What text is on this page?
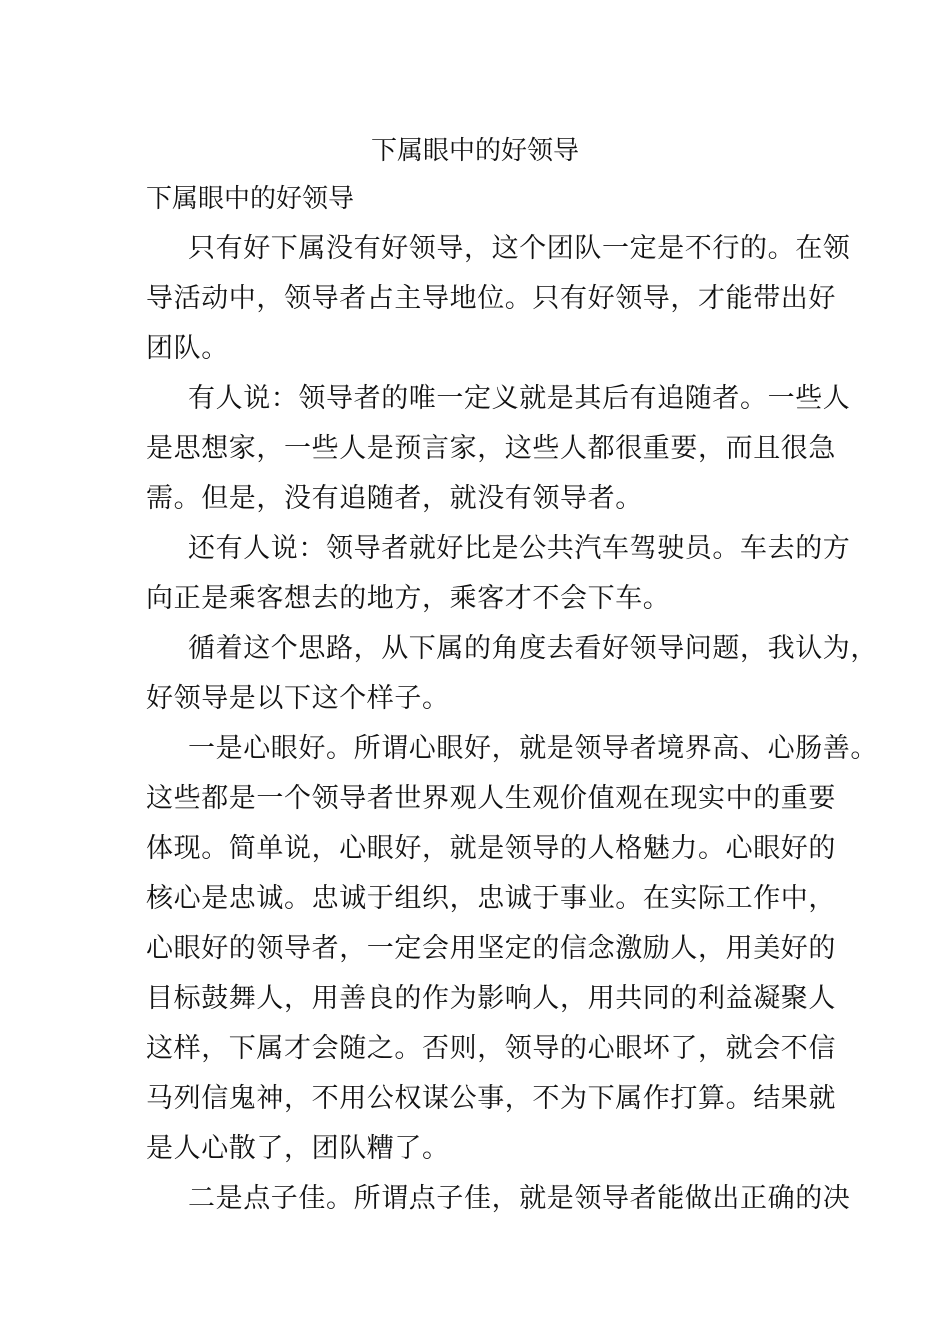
下属眼中的好领导
下属眼中的好领导
只有好下属没有好领导，这个团队一定是不行的。在领
导活动中，领导者占主导地位。只有好领导，才能带出好
团队。
有人说：领导者的唯一定义就是其后有追随者。一些人
是思想家，一些人是预言家，这些人都很重要，而且很急
需。但是，没有追随者，就没有领导者。
还有人说：领导者就好比是公共汽车驾驶员。车去的方
向正是乘客想去的地方，乘客才不会下车。
循着这个思路，从下属的角度去看好领导问题，我认为，
好领导是以下这个样子。
一是心眼好。所谓心眼好，就是领导者境界高、心肠善。
这些都是一个领导者世界观人生观价值观在现实中的重要
体现。简单说，心眼好，就是领导的人格魅力。心眼好的
核心是忠诚。忠诚于组织，忠诚于事业。在实际工作中，
心眼好的领导者，一定会用坚定的信念激励人，用美好的
目标鼓舞人，用善良的作为影响人，用共同的利益凝聚人
这样，下属才会随之。否则，领导的心眼坏了，就会不信
马列信鬼神，不用公权谋公事，不为下属作打算。结果就
是人心散了，团队糟了。
二是点子佳。所谓点子佳，就是领导者能做出正确的决
